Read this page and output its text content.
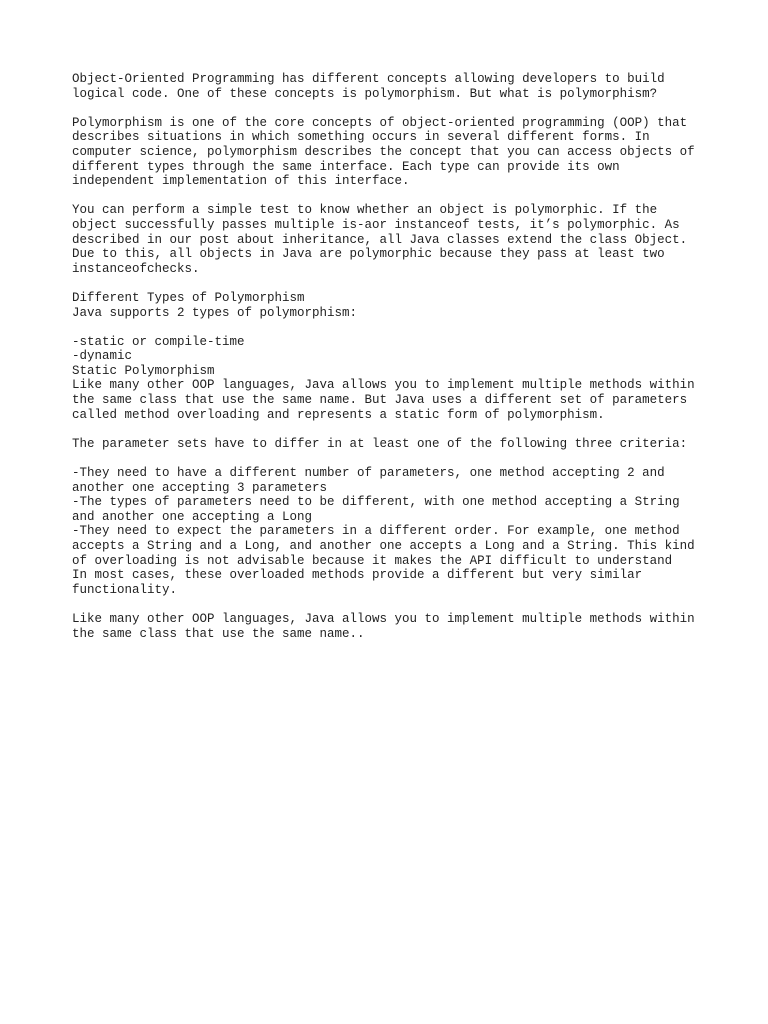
Object-Oriented Programming has different concepts allowing developers to build
logical code. One of these concepts is polymorphism. But what is polymorphism?
Polymorphism is one of the core concepts of object-oriented programming (OOP) that
describes situations in which something occurs in several different forms. In
computer science, polymorphism describes the concept that you can access objects of
different types through the same interface. Each type can provide its own
independent implementation of this interface.
You can perform a simple test to know whether an object is polymorphic. If the
object successfully passes multiple is-aor instanceof tests, it’s polymorphic. As
described in our post about inheritance, all Java classes extend the class Object.
Due to this, all objects in Java are polymorphic because they pass at least two
instanceofchecks.
Different Types of Polymorphism
Java supports 2 types of polymorphism:
-static or compile-time
-dynamic
Static Polymorphism
Like many other OOP languages, Java allows you to implement multiple methods within
the same class that use the same name. But Java uses a different set of parameters
called method overloading and represents a static form of polymorphism.
The parameter sets have to differ in at least one of the following three criteria:
-They need to have a different number of parameters, one method accepting 2 and
another one accepting 3 parameters
-The types of parameters need to be different, with one method accepting a String
and another one accepting a Long
-They need to expect the parameters in a different order. For example, one method
accepts a String and a Long, and another one accepts a Long and a String. This kind
of overloading is not advisable because it makes the API difficult to understand
In most cases, these overloaded methods provide a different but very similar
functionality.
Like many other OOP languages, Java allows you to implement multiple methods within
the same class that use the same name..
